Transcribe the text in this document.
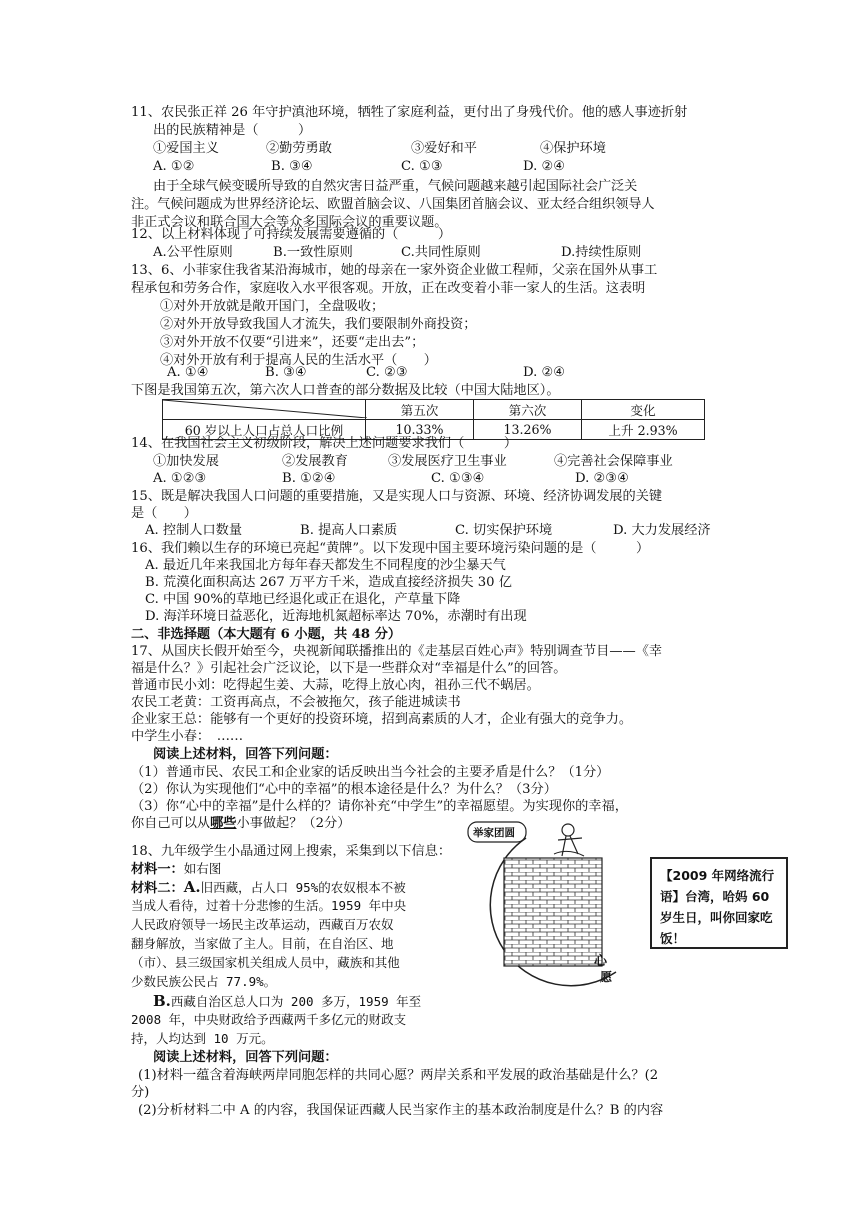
11、农民张正祥 26 年守护滇池环境，牺牲了家庭利益，更付出了身残代价。他的感人事迹折射
出的民族精神是（　　　）
①爱国主义	②勤劳勇敢	③爱好和平	④保护环境
A. ①②	B. ③④	C. ①③	D. ②④
由于全球气候变暖所导致的自然灾害日益严重，气候问题越来越引起国际社会广泛关
注。气候问题成为世界经济论坛、欧盟首脑会议、八国集团首脑会议、亚太经合组织领导人
非正式会议和联合国大会等众多国际会议的重要议题。
12、以上材料体现了可持续发展需要遵循的（　　　）
A.公平性原则	B.一致性原则	C.共同性原则	D.持续性原则
13、6、小菲家住我省某沿海城市，她的母亲在一家外资企业做工程师，父亲在国外从事工
程承包和劳务合作，家庭收入水平很客观。开放，正在改变着小菲一家人的生活。这表明
①对外开放就是敞开国门，全盘吸收；
②对外开放导致我国人才流失，我们要限制外商投资；
③对外开放不仅要“引进来”，还要“走出去”；
④对外开放有利于提高人民的生活水平（　　）
A. ①④	B. ③④	C. ②③	D. ②④
下图是我国第五次，第六次人口普查的部分数据及比较（中国大陆地区）。
	第五次	第六次	变化
60 岁以上人口占总人口比例	10.33%	13.26%	上升 2.93%
14、在我国社会主义初级阶段，解决上述问题要求我们（　　　）
①加快发展	②发展教育	③发展医疗卫生事业	④完善社会保障事业
A. ①②③	B. ①②④	C. ①③④	D. ②③④
15、既是解决我国人口问题的重要措施，又是实现人口与资源、环境、经济协调发展的关键
是（　　）
A. 控制人口数量	B. 提高人口素质	C. 切实保护环境	D. 大力发展经济
16、我们赖以生存的环境已亮起“黄牌”。以下发现中国主要环境污染问题的是（　　　）
A. 最近几年来我国北方每年春天都发生不同程度的沙尘暴天气
B. 荒漠化面积高达 267 万平方千米，造成直接经济损失 30 亿
C. 中国 90%的草地已经退化或正在退化，产草量下降
D. 海洋环境日益恶化，近海地机氮超标率达 70%，赤潮时有出现
二、非选择题（本大题有 6 小题，共 48 分）
17、从国庆长假开始至今，央视新闻联播推出的《走基层百姓心声》特别调查节目——《幸
福是什么？》引起社会广泛议论，以下是一些群众对“幸福是什么”的回答。
普通市民小刘：吃得起生姜、大蒜，吃得上放心肉，祖孙三代不蜗居。
农民工老黄：工资再高点，不会被拖欠，孩子能进城读书
企业家王总：能够有一个更好的投资环境，招到高素质的人才，企业有强大的竞争力。
中学生小春：　……
阅读上述材料，回答下列问题：
（1）普通市民、农民工和企业家的话反映出当今社会的主要矛盾是什么？（1分）
（2）你认为实现他们“心中的幸福”的根本途径是什么？为什么？（3分）
（3）你“心中的幸福”是什么样的？请你补充“中学生”的幸福愿望。为实现你的幸福，
你自己可以从哪些小事做起？（2分）
18、九年级学生小晶通过网上搜索，采集到以下信息：
材料一：如右图
材料二：A.旧西藏，占人口 95%的农奴根本不被
当成人看待，过着十分悲惨的生活。1959 年中央
人民政府领导一场民主改革运动，西藏百万农奴
翻身解放，当家做了主人。目前，在自治区、地
（市）、县三级国家机关组成人员中，藏族和其他
少数民族公民占 77.9%。
B.西藏自治区总人口为 200 多万，1959 年至
2008 年，中央财政给予西藏两千多亿元的财政支
持，人均达到 10 万元。
举家团圆
心
愿
【2009 年网络流行语】台湾，哈妈 60 岁生日，叫你回家吃饭！
阅读上述材料，回答下列问题：
(1)材料一蕴含着海峡两岸同胞怎样的共同心愿？两岸关系和平发展的政治基础是什么？(2
分)
(2)分析材料二中 A 的内容，我国保证西藏人民当家作主的基本政治制度是什么？B 的内容
